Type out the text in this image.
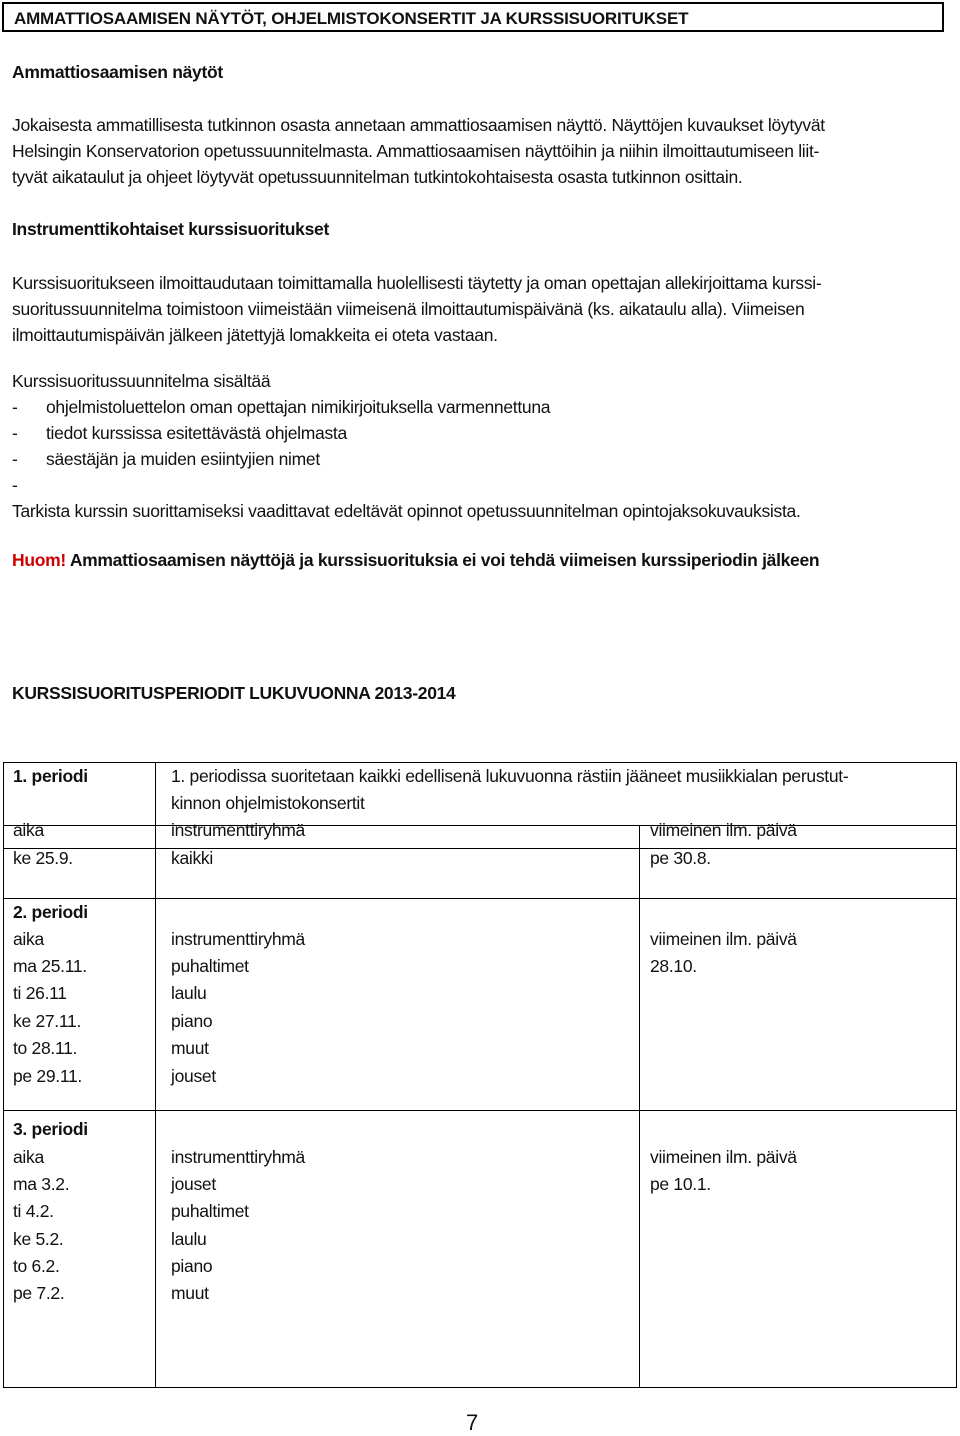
AMMATTIOSAAMISEN NÄYTÖT, OHJELMISTOKONSERTIT JA KURSSISUORITUKSET
Ammattiosaamisen näytöt
Jokaisesta ammatillisesta tutkinnon osasta annetaan ammattiosaamisen näyttö. Näyttöjen kuvaukset löytyvät
Helsingin Konservatorion opetussuunnitelmasta. Ammattiosaamisen näyttöihin ja niihin ilmoittautumiseen liit-
tyvät aikataulut ja ohjeet löytyvät opetussuunnitelman tutkintokohtaisesta osasta tutkinnon osittain.
Instrumenttikohtaiset kurssisuoritukset
Kurssisuoritukseen ilmoittaudutaan toimittamalla huolellisesti täytetty ja oman opettajan allekirjoittama kurssi-
suoritussuunnitelma toimistoon viimeistään viimeisenä ilmoittautumispäivänä (ks. aikataulu alla). Viimeisen
ilmoittautumispäivän jälkeen jätettyjä lomakkeita ei oteta vastaan.
Kurssisuoritussuunnitelma sisältää
-	ohjelmistoluettelon oman opettajan nimikirjoituksella varmennettuna
-	tiedot kurssissa esitettävästä ohjelmasta
-	säestäjän ja muiden esiintyjien nimet
-
Tarkista kurssin suorittamiseksi vaadittavat edeltävät opinnot opetussuunnitelman opintojaksokuvauksista.
Huom! Ammattiosaamisen näyttöjä ja kurssisuorituksia ei voi tehdä viimeisen kurssiperiodin jälkeen
KURSSISUORITUSPERIODIT LUKUVUONNA 2013-2014
1. periodi	1. periodissa suoritetaan kaikki edellisenä lukuvuonna rästiin jääneet musiikkialan perustut-
kinnon ohjelmistokonsertit
aika	instrumenttiryhmä	viimeinen ilm. päivä
ke 25.9.	kaikki	pe 30.8.
2. periodi
aika	instrumenttiryhmä	viimeinen ilm. päivä
ma 25.11.	puhaltimet	28.10.
ti 26.11	laulu
ke 27.11.	piano
to 28.11.	muut
pe 29.11.	jouset
3. periodi
aika	instrumenttiryhmä	viimeinen ilm. päivä
ma 3.2.	jouset	pe 10.1.
ti 4.2.	puhaltimet
ke 5.2.	laulu
to 6.2.	piano
pe 7.2.	muut
7
